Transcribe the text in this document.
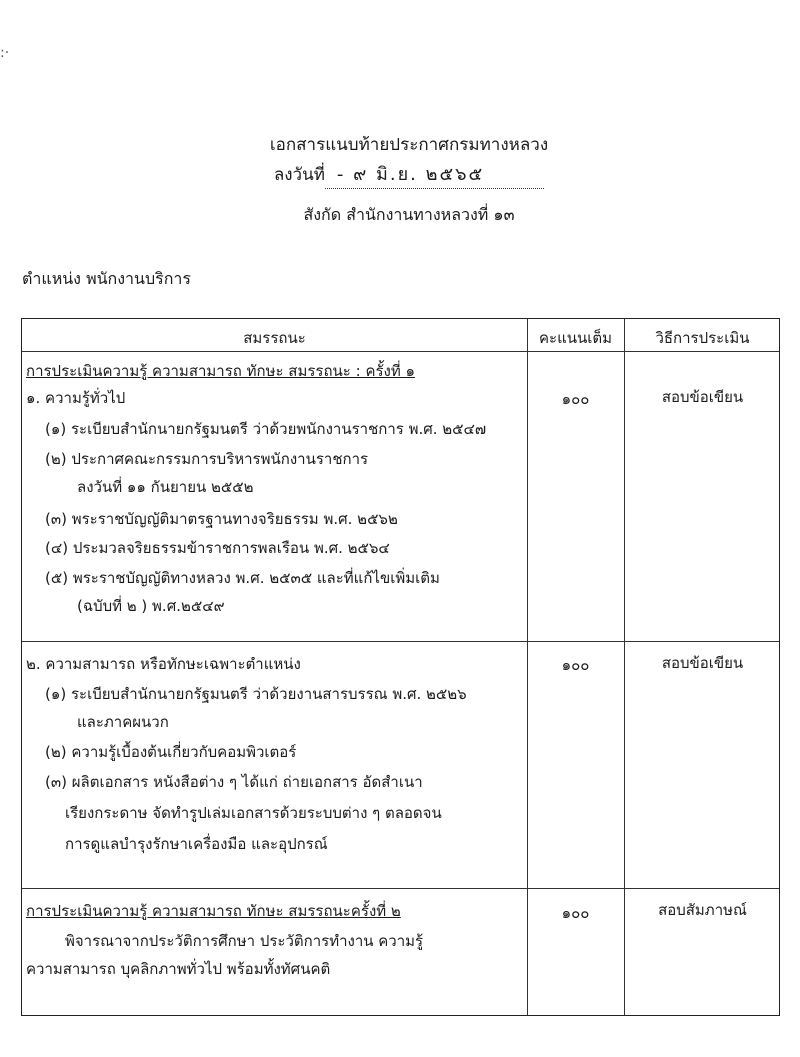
:·
เอกสารแนบท้ายประกาศกรมทางหลวง
ลงวันที่ - ๙ มิ.ย. ๒๕๖๕
สังกัด สำนักงานทางหลวงที่ ๑๓
ตำแหน่ง พนักงานบริการ
สมรรถนะ	คะแนนเต็ม	วิธีการประเมิน
การประเมินความรู้ ความสามารถ ทักษะ สมรรถนะ : ครั้งที่ ๑
๑. ความรู้ทั่วไป
(๑) ระเบียบสำนักนายกรัฐมนตรี ว่าด้วยพนักงานราชการ พ.ศ. ๒๕๔๗
(๒) ประกาศคณะกรรมการบริหารพนักงานราชการ
ลงวันที่ ๑๑ กันยายน ๒๕๕๒
(๓) พระราชบัญญัติมาตรฐานทางจริยธรรม พ.ศ. ๒๕๖๒
(๔) ประมวลจริยธรรมข้าราชการพลเรือน พ.ศ. ๒๕๖๔
(๕) พระราชบัญญัติทางหลวง พ.ศ. ๒๕๓๕ และที่แก้ไขเพิ่มเติม
(ฉบับที่ ๒ ) พ.ศ.๒๕๔๙
๑๐๐	สอบข้อเขียน
๒. ความสามารถ หรือทักษะเฉพาะตำแหน่ง
(๑) ระเบียบสำนักนายกรัฐมนตรี ว่าด้วยงานสารบรรณ พ.ศ. ๒๕๒๖
และภาคผนวก
(๒) ความรู้เบื้องต้นเกี่ยวกับคอมพิวเตอร์
(๓) ผลิตเอกสาร หนังสือต่าง ๆ ได้แก่ ถ่ายเอกสาร อัดสำเนา
เรียงกระดาษ จัดทำรูปเล่มเอกสารด้วยระบบต่าง ๆ ตลอดจน
การดูแลบำรุงรักษาเครื่องมือ และอุปกรณ์
๑๐๐	สอบข้อเขียน
การประเมินความรู้ ความสามารถ ทักษะ สมรรถนะครั้งที่ ๒
พิจารณาจากประวัติการศึกษา ประวัติการทำงาน ความรู้
ความสามารถ บุคลิกภาพทั่วไป พร้อมทั้งทัศนคติ
๑๐๐	สอบสัมภาษณ์
